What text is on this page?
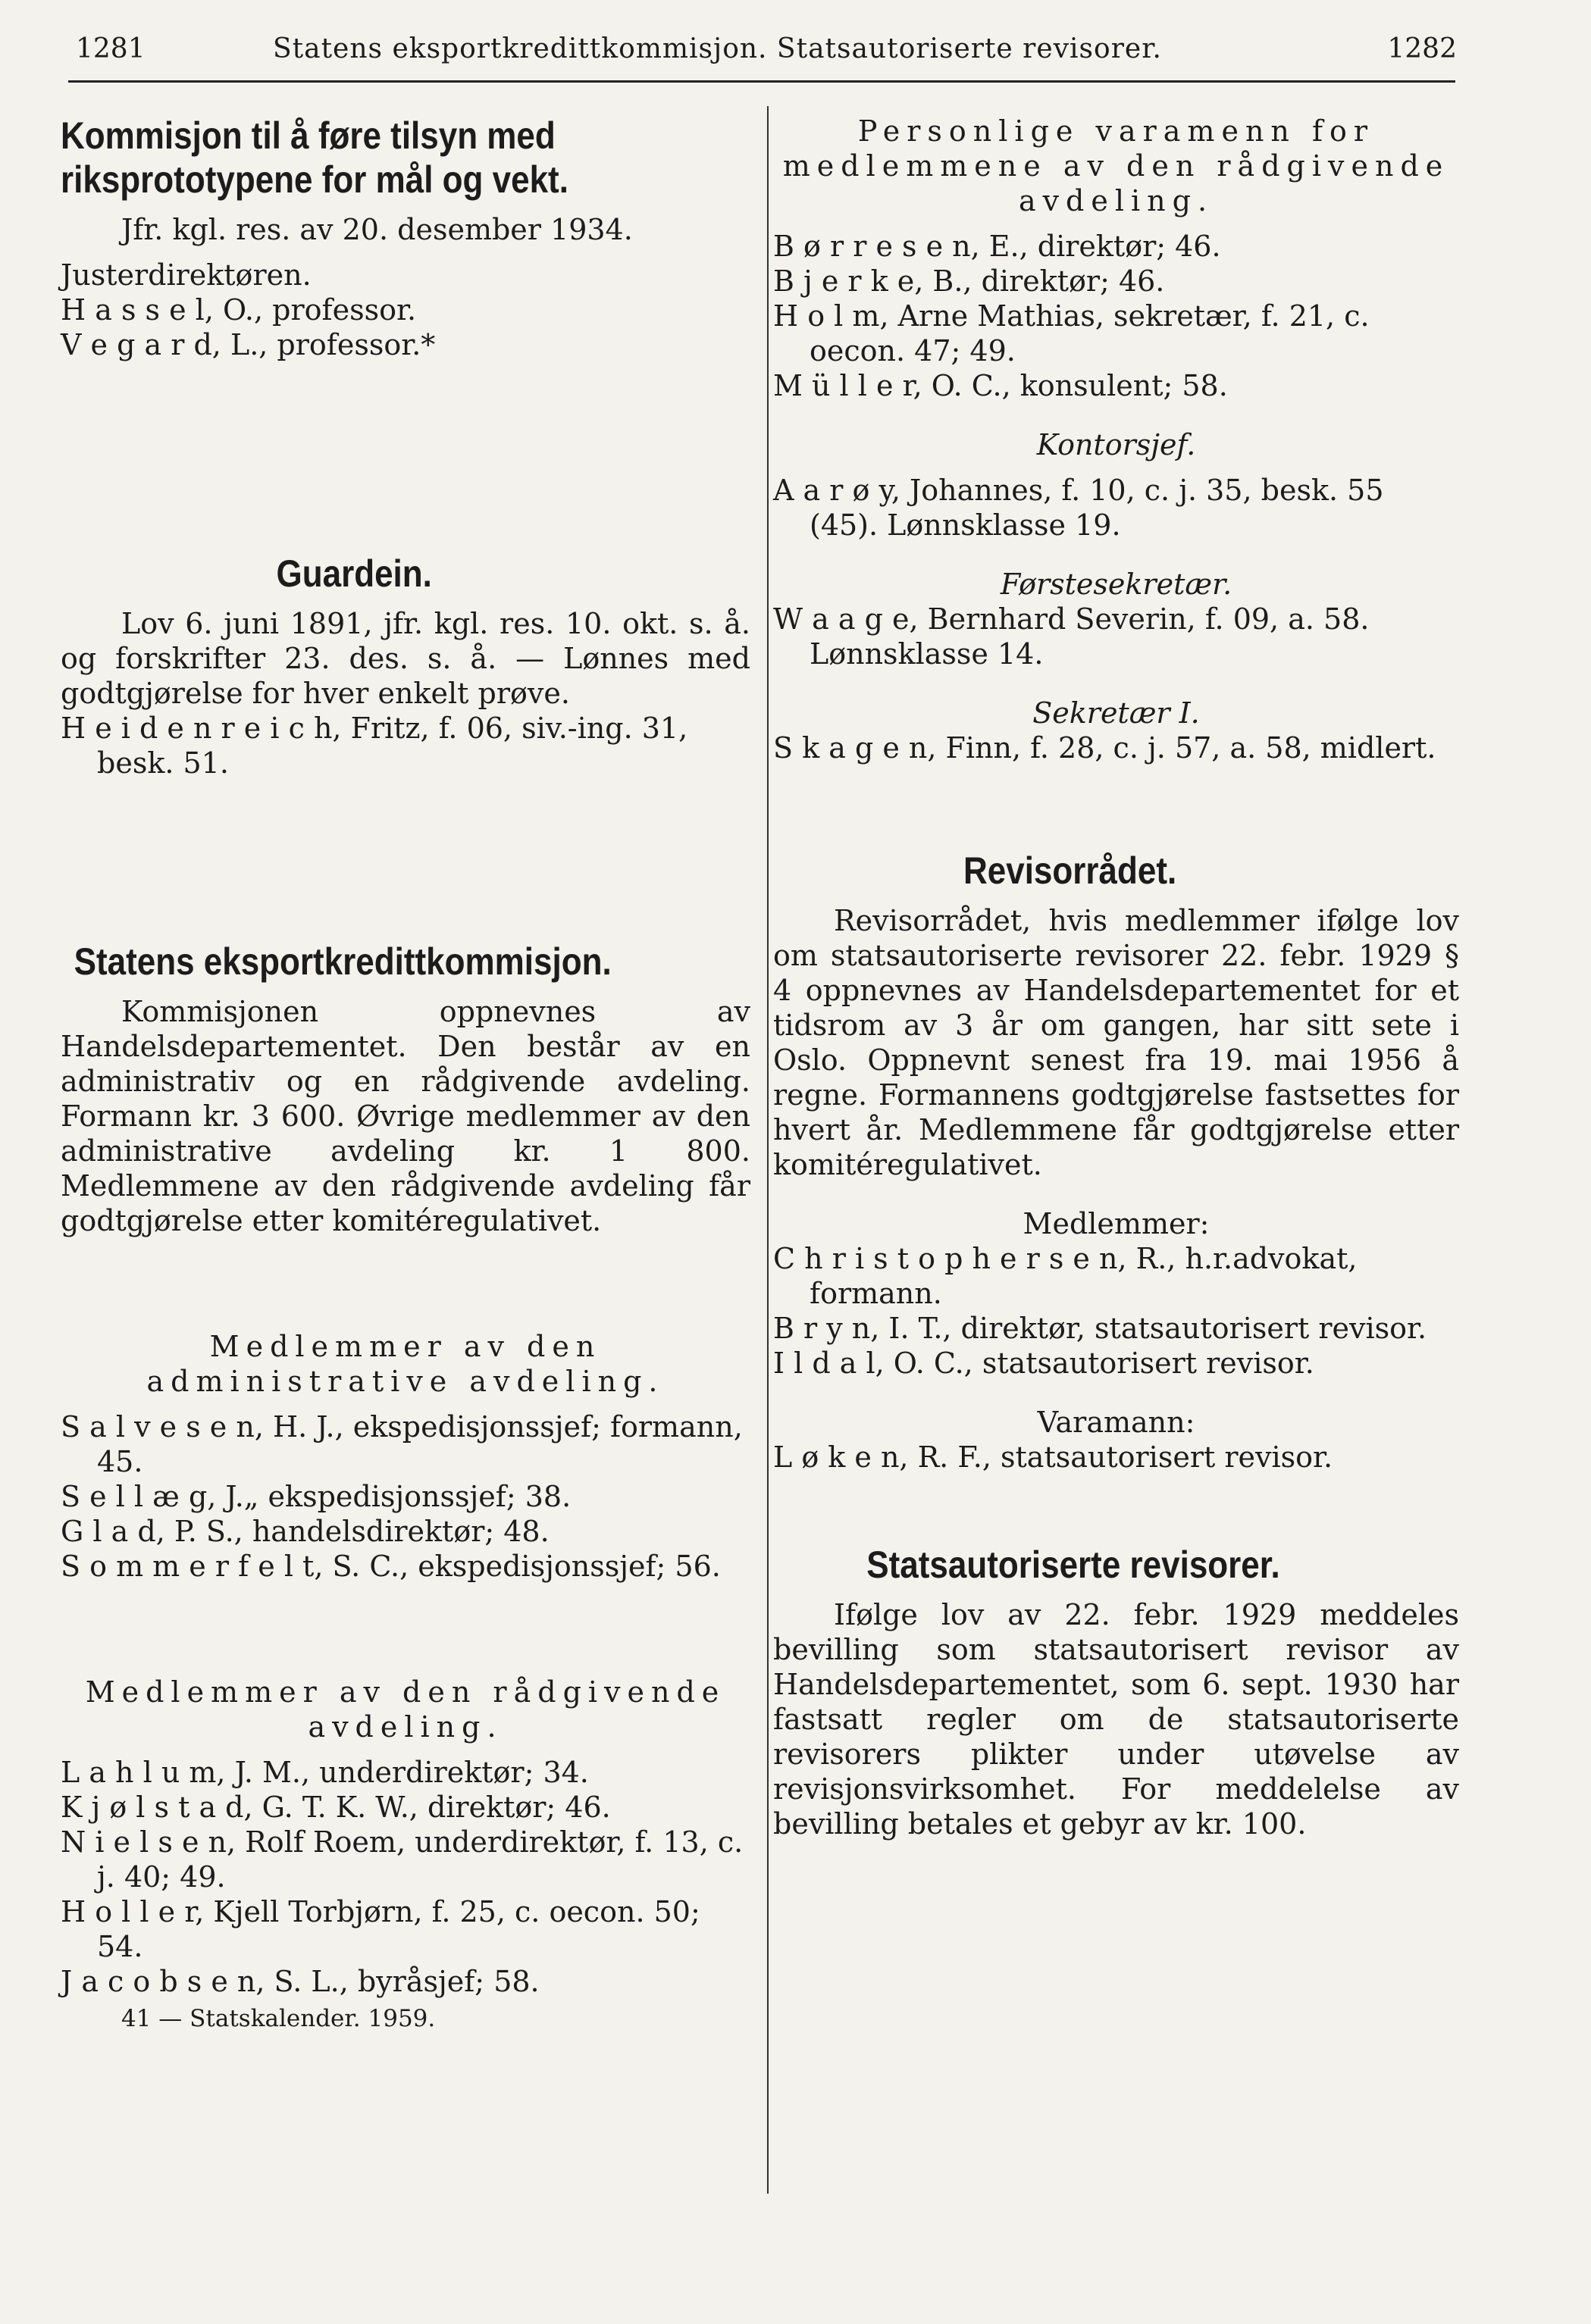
1281	Statens eksportkredittkommisjon. Statsautoriserte revisorer.	1282
Kommisjon til å føre tilsyn med riksprototypene for mål og vekt.

Jfr. kgl. res. av 20. desember 1934.

Justerdirektøren.

H a s s e l, O., professor.

V e g a r d, L., professor.*

Guardein.

Lov 6. juni 1891, jfr. kgl. res. 10. okt. s. å. og forskrifter 23. des. s. å. — Lønnes med godtgjørelse for hver enkelt prøve.

H e i d e n r e i c h, Fritz, f. 06, siv.-ing. 31, besk. 51.

Statens eksportkredittkommisjon.

Kommisjonen oppnevnes av Handelsdepartementet. Den består av en administrativ og en rådgivende avdeling. Formann kr. 3 600. Øvrige medlemmer av den administrative avdeling kr. 1 800. Medlemmene av den rådgivende avdeling får godtgjørelse etter komitéregulativet.

Medlemmer av den administrative avdeling.

S a l v e s e n, H. J., ekspedisjonssjef; formann, 45.

S e l l æ g, J.„ ekspedisjonssjef; 38.

G l a d, P. S., handelsdirektør; 48.

S o m m e r f e l t, S. C., ekspedisjonssjef; 56.

Medlemmer av den rådgivende avdeling.

L a h l u m, J. M., underdirektør; 34.

K j ø l s t a d, G. T. K. W., direktør; 46.

N i e l s e n, Rolf Roem, underdirektør, f. 13, c. j. 40; 49.

H o l l e r, Kjell Torbjørn, f. 25, c. oecon. 50; 54.

J a c o b s e n, S. L., byråsjef; 58.

41 — Statskalender. 1959.

Personlige varamenn for medlemmene av den rådgivende avdeling.

B ø r r e s e n, E., direktør; 46.

B j e r k e, B., direktør; 46.

H o l m, Arne Mathias, sekretær, f. 21, c. oecon. 47; 49.

M ü l l e r, O. C., konsulent; 58.

Kontorsjef.

A a r ø y, Johannes, f. 10, c. j. 35, besk. 55 (45). Lønnsklasse 19.

Førstesekretær.

W a a g e, Bernhard Severin, f. 09, a. 58. Lønnsklasse 14.

Sekretær I.

S k a g e n, Finn, f. 28, c. j. 57, a. 58, midlert.

Revisorrådet.

Revisorrådet, hvis medlemmer ifølge lov om statsautoriserte revisorer 22. febr. 1929 § 4 oppnevnes av Handelsdepartementet for et tidsrom av 3 år om gangen, har sitt sete i Oslo. Oppnevnt senest fra 19. mai 1956 å regne. Formannens godtgjørelse fastsettes for hvert år. Medlemmene får godtgjørelse etter komitéregulativet.

Medlemmer:

C h r i s t o p h e r s e n, R., h.r.advokat, formann.

B r y n, I. T., direktør, statsautorisert revisor.

I l d a l, O. C., statsautorisert revisor.

Varamann:

L ø k e n, R. F., statsautorisert revisor.

Statsautoriserte revisorer.

Ifølge lov av 22. febr. 1929 meddeles bevilling som statsautorisert revisor av Handelsdepartementet, som 6. sept. 1930 har fastsatt regler om de statsautoriserte revisorers plikter under utøvelse av revisjonsvirksomhet. For meddelelse av bevilling betales et gebyr av kr. 100.
